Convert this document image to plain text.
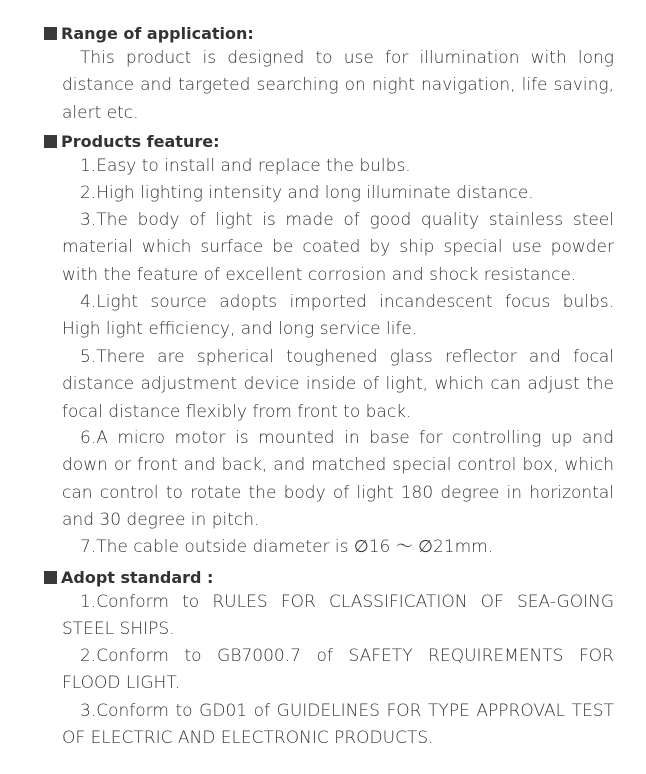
Range of application:

This product is designed to use for illumination with long distance and targeted searching on night navigation, life saving, alert etc.

Products feature:

1.Easy to install and replace the bulbs.

2.High lighting intensity and long illuminate distance.

3.The body of light is made of good quality stainless steel material which surface be coated by ship special use powder with the feature of excellent corrosion and shock resistance.

4.Light source adopts imported incandescent focus bulbs. High light efficiency, and long service life.

5.There are spherical toughened glass reflector and focal distance adjustment device inside of light, which can adjust the focal distance flexibly from front to back.

6.A micro motor is mounted in base for controlling up and down or front and back, and matched special control box, which can control to rotate the body of light 180 degree in horizontal and 30 degree in pitch.

7.The cable outside diameter is ∅16 ～ ∅21mm.

Adopt standard :

1.Conform to RULES FOR CLASSIFICATION OF SEA-GOING STEEL SHIPS.

2.Conform to GB7000.7 of SAFETY REQUIREMENTS FOR FLOOD LIGHT.

3.Conform to GD01 of GUIDELINES FOR TYPE APPROVAL TEST OF ELECTRIC AND ELECTRONIC PRODUCTS.
